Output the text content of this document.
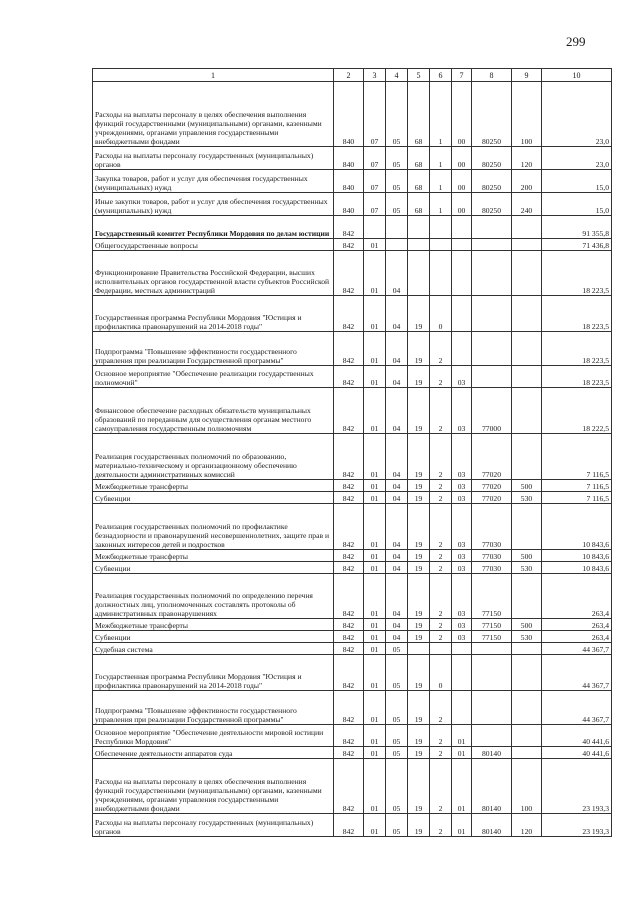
299
1	2	3	4	5	6	7	8	9	10
Расходы на выплаты персоналу в целях обеспечения выполнения функций государственными (муниципальными) органами, казенными учреждениями, органами управления государственными внебюджетными фондами	840	07	05	68	1	00	80250	100	23,0
Расходы на выплаты персоналу государственных (муниципальных) органов	840	07	05	68	1	00	80250	120	23,0
Закупка товаров, работ и услуг для обеспечения государственных (муниципальных) нужд	840	07	05	68	1	00	80250	200	15,0
Иные закупки товаров, работ и услуг для обеспечения государственных (муниципальных) нужд	840	07	05	68	1	00	80250	240	15,0
Государственный комитет Республики Мордовия по делам юстиции	842								91 355,8
Общегосударственные вопросы	842	01							71 436,8
Функционирование Правительства Российской Федерации, высших исполнительных органов государственной власти субъектов Российской Федерации, местных администраций	842	01	04						18 223,5
Государственная программа Республики Мордовия "Юстиция и профилактика правонарушений на 2014-2018 годы"	842	01	04	19	0				18 223,5
Подпрограмма "Повышение эффективности государственного управления при реализации Государственной программы"	842	01	04	19	2				18 223,5
Основное мероприятие "Обеспечение реализации государственных полномочий"	842	01	04	19	2	03			18 223,5
Финансовое обеспечение расходных обязательств муниципальных образований по переданным для осуществления органам местного самоуправления государственным полномочиям	842	01	04	19	2	03	77000		18 222,5
Реализация государственных полномочий по образованию, материально-техническому и организационному обеспечению деятельности административных комиссий	842	01	04	19	2	03	77020		7 116,5
Межбюджетные трансферты	842	01	04	19	2	03	77020	500	7 116,5
Субвенции	842	01	04	19	2	03	77020	530	7 116,5
Реализация государственных полномочий по профилактике безнадзорности и правонарушений несовершеннолетних, защите прав и законных интересов детей и подростков	842	01	04	19	2	03	77030		10 843,6
Межбюджетные трансферты	842	01	04	19	2	03	77030	500	10 843,6
Субвенции	842	01	04	19	2	03	77030	530	10 843,6
Реализация государственных полномочий по определению перечня должностных лиц, уполномоченных составлять протоколы об административных правонарушениях	842	01	04	19	2	03	77150		263,4
Межбюджетные трансферты	842	01	04	19	2	03	77150	500	263,4
Субвенции	842	01	04	19	2	03	77150	530	263,4
Судебная система	842	01	05						44 367,7
Государственная программа Республики Мордовия "Юстиция и профилактика правонарушений на 2014-2018 годы"	842	01	05	19	0				44 367,7
Подпрограмма "Повышение эффективности государственного управления при реализации Государственной программы"	842	01	05	19	2				44 367,7
Основное мероприятие "Обеспечение деятельности мировой юстиции Республики Мордовия"	842	01	05	19	2	01			40 441,6
Обеспечение деятельности аппаратов суда	842	01	05	19	2	01	80140		40 441,6
Расходы на выплаты персоналу в целях обеспечения выполнения функций государственными (муниципальными) органами, казенными учреждениями, органами управления государственными внебюджетными фондами	842	01	05	19	2	01	80140	100	23 193,3
Расходы на выплаты персоналу государственных (муниципальных) органов	842	01	05	19	2	01	80140	120	23 193,3
